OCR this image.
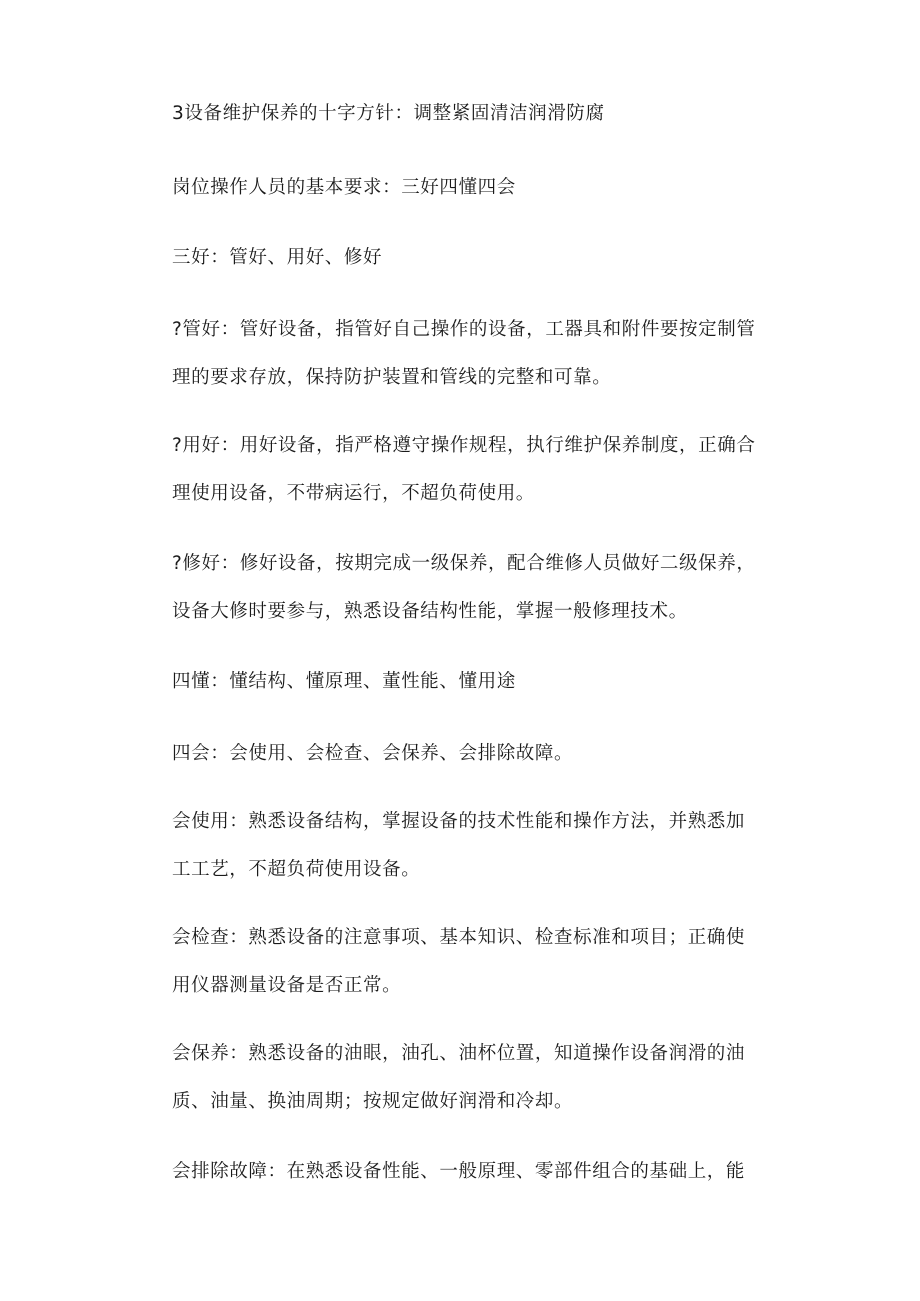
3设备维护保养的十字方针：调整紧固清洁润滑防腐

岗位操作人员的基本要求：三好四懂四会

三好：管好、用好、修好

?管好：管好设备，指管好自己操作的设备，工器具和附件要按定制管
理的要求存放，保持防护装置和管线的完整和可靠。

?用好：用好设备，指严格遵守操作规程，执行维护保养制度，正确合
理使用设备，不带病运行，不超负荷使用。

?修好：修好设备，按期完成一级保养，配合维修人员做好二级保养，
设备大修时要参与，熟悉设备结构性能，掌握一般修理技术。

四懂：懂结构、懂原理、董性能、懂用途

四会：会使用、会检查、会保养、会排除故障。

会使用：熟悉设备结构，掌握设备的技术性能和操作方法，并熟悉加
工工艺，不超负荷使用设备。

会检查：熟悉设备的注意事项、基本知识、检查标准和项目；正确使
用仪器测量设备是否正常。

会保养：熟悉设备的油眼，油孔、油杯位置，知道操作设备润滑的油
质、油量、换油周期；按规定做好润滑和冷却。

会排除故障：在熟悉设备性能、一般原理、零部件组合的基础上，能
